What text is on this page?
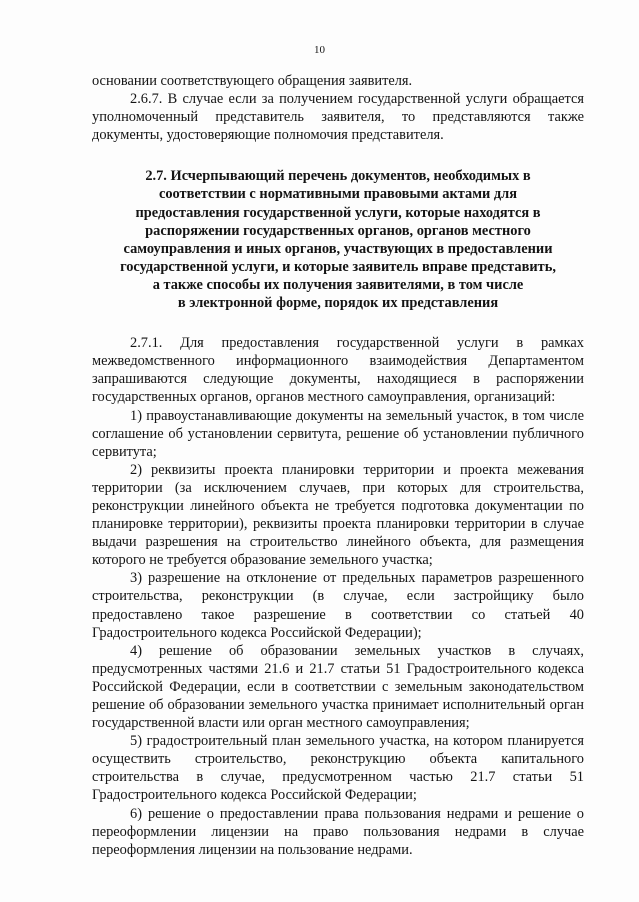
10

основании соответствующего обращения заявителя.

2.6.7. В случае если за получением государственной услуги обращается уполномоченный представитель заявителя, то представляются также документы, удостоверяющие полномочия представителя.

2.7. Исчерпывающий перечень документов, необходимых в
соответствии с нормативными правовыми актами для
предоставления государственной услуги, которые находятся в
распоряжении государственных органов, органов местного
самоуправления и иных органов, участвующих в предоставлении
государственной услуги, и которые заявитель вправе представить,
а также способы их получения заявителями, в том числе
в электронной форме, порядок их представления

2.7.1. Для предоставления государственной услуги в рамках межведомственного информационного взаимодействия Департаментом запрашиваются следующие документы, находящиеся в распоряжении государственных органов, органов местного самоуправления, организаций:

1) правоустанавливающие документы на земельный участок, в том числе соглашение об установлении сервитута, решение об установлении публичного сервитута;

2) реквизиты проекта планировки территории и проекта межевания территории (за исключением случаев, при которых для строительства, реконструкции линейного объекта не требуется подготовка документации по планировке территории), реквизиты проекта планировки территории в случае выдачи разрешения на строительство линейного объекта, для размещения которого не требуется образование земельного участка;

3) разрешение на отклонение от предельных параметров разрешенного строительства, реконструкции (в случае, если застройщику было предоставлено такое разрешение в соответствии со статьей 40 Градостроительного кодекса Российской Федерации);

4) решение об образовании земельных участков в случаях, предусмотренных частями 21.6 и 21.7 статьи 51 Градостроительного кодекса Российской Федерации, если в соответствии с земельным законодательством решение об образовании земельного участка принимает исполнительный орган государственной власти или орган местного самоуправления;

5) градостроительный план земельного участка, на котором планируется осуществить строительство, реконструкцию объекта капитального строительства в случае, предусмотренном частью 21.7 статьи 51 Градостроительного кодекса Российской Федерации;

6) решение о предоставлении права пользования недрами и решение о переоформлении лицензии на право пользования недрами в случае переоформления лицензии на пользование недрами.
